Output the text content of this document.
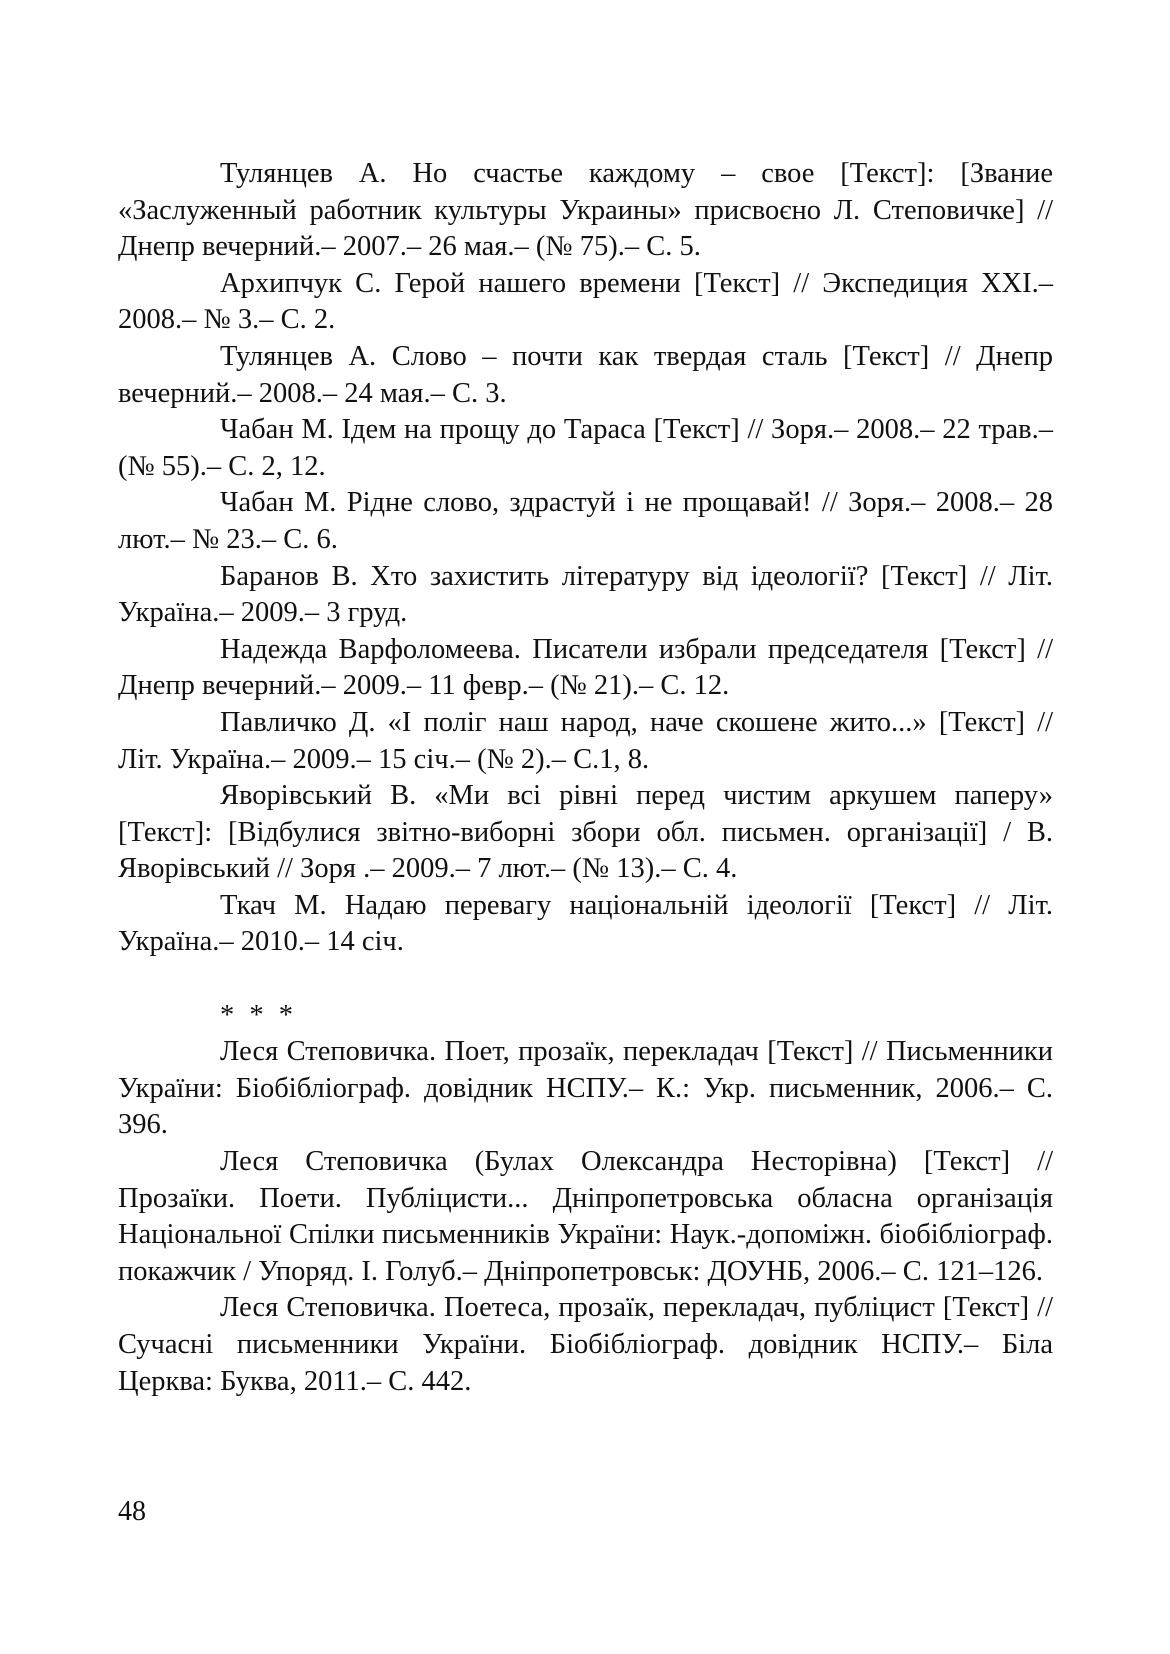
Тулянцев А. Но счастье каждому – свое [Текст]: [Звание «Заслуженный работник культуры Украины» присвоєно Л. Степовичке] // Днепр вечерний.– 2007.– 26 мая.– (№ 75).– С. 5.

Архипчук С. Герой нашего времени [Текст] // Экспедиция XXI.– 2008.– № 3.– С. 2.

Тулянцев А. Слово – почти как твердая сталь [Текст] // Днепр вечерний.– 2008.– 24 мая.– С. 3.

Чабан М. Ідем на прощу до Тараса [Текст] // Зоря.– 2008.– 22 трав.– (№ 55).– С. 2, 12.

Чабан М. Рідне слово, здрастуй і не прощавай! // Зоря.– 2008.– 28 лют.– № 23.– С. 6.

Баранов В. Хто захистить літературу від ідеології? [Текст] // Літ. Україна.– 2009.– 3 груд.

Надежда Варфоломеева. Писатели избрали председателя [Текст] // Днепр вечерний.– 2009.– 11 февр.– (№ 21).– С. 12.

Павличко Д. «І поліг наш народ, наче скошене жито...» [Текст] // Літ. Україна.– 2009.– 15 січ.– (№ 2).– С.1, 8.

Яворівський В. «Ми всі рівні перед чистим аркушем паперу» [Текст]: [Відбулися звітно-виборні збори обл. письмен. організації] / В. Яворівський // Зоря .– 2009.– 7 лют.– (№ 13).– С. 4.

Ткач М. Надаю перевагу національній ідеології [Текст] // Літ. Україна.– 2010.– 14 січ.

* * *

Леся Степовичка. Поет, прозаїк, перекладач [Текст] // Письменники України: Біобібліограф. довідник НСПУ.– К.: Укр. письменник, 2006.– С. 396.

Леся Степовичка (Булах Олександра Несторівна) [Текст] // Прозаїки. Поети. Публіцисти... Дніпропетровська обласна організація Національної Спілки письменників України: Наук.-допоміжн. біобібліограф. покажчик / Упоряд. І. Голуб.– Дніпропетровськ: ДОУНБ, 2006.– С. 121–126.

Леся Степовичка. Поетеса, прозаїк, перекладач, публіцист [Текст] // Сучасні письменники України. Біобібліограф. довідник НСПУ.– Біла Церква: Буква, 2011.– С. 442.

48
